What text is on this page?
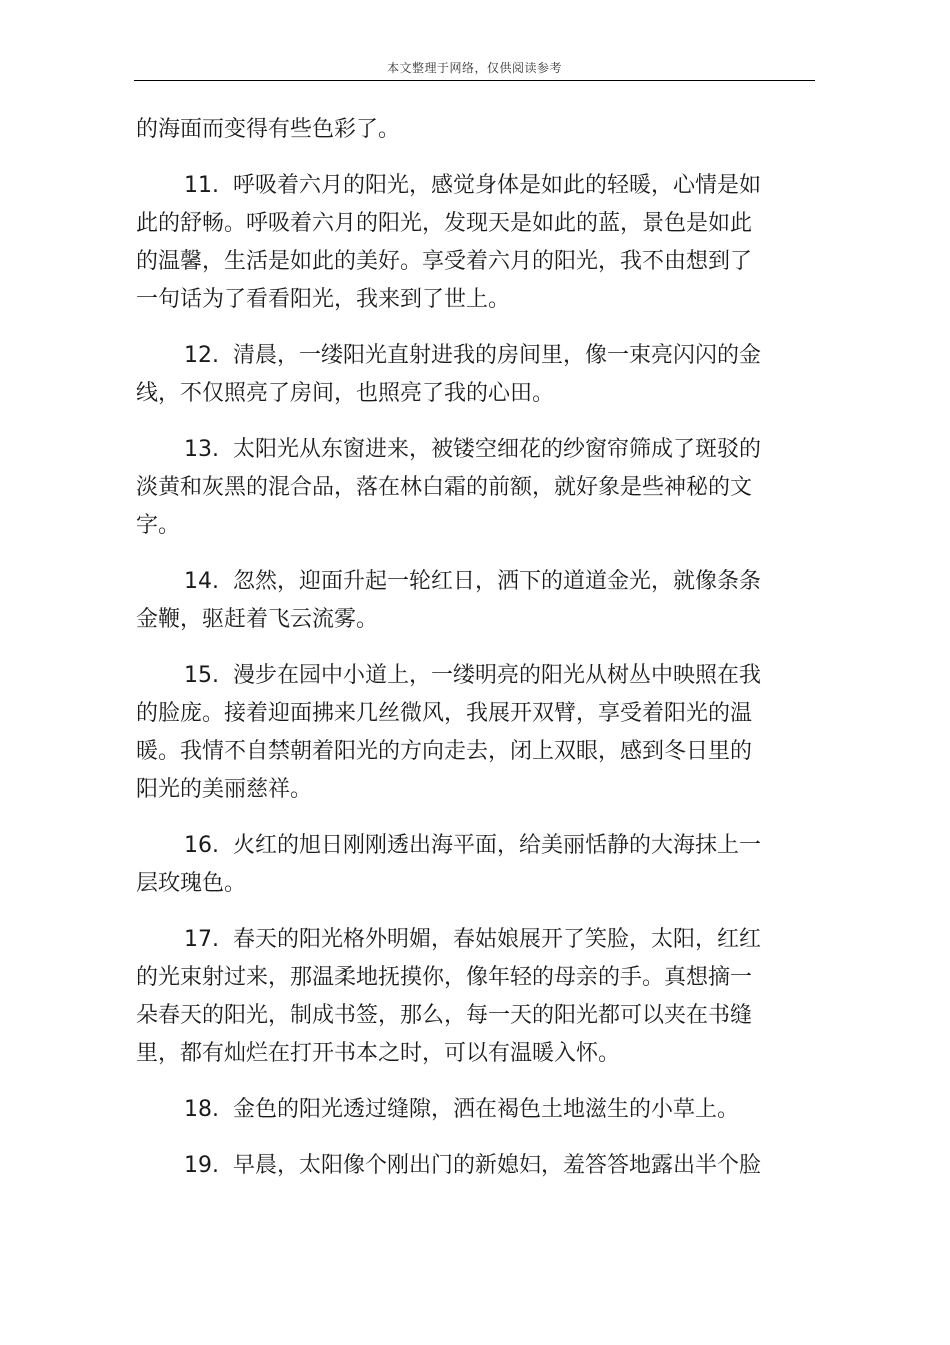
本文整理于网络，仅供阅读参考
的海面而变得有些色彩了。
11. 呼吸着六月的阳光，感觉身体是如此的轻暖，心情是如
此的舒畅。呼吸着六月的阳光，发现天是如此的蓝，景色是如此
的温馨，生活是如此的美好。享受着六月的阳光，我不由想到了
一句话为了看看阳光，我来到了世上。
12. 清晨，一缕阳光直射进我的房间里，像一束亮闪闪的金
线，不仅照亮了房间，也照亮了我的心田。
13. 太阳光从东窗进来，被镂空细花的纱窗帘筛成了斑驳的
淡黄和灰黑的混合品，落在林白霜的前额，就好象是些神秘的文
字。
14. 忽然，迎面升起一轮红日，洒下的道道金光，就像条条
金鞭，驱赶着飞云流雾。
15. 漫步在园中小道上，一缕明亮的阳光从树丛中映照在我
的脸庞。接着迎面拂来几丝微风，我展开双臂，享受着阳光的温
暖。我情不自禁朝着阳光的方向走去，闭上双眼，感到冬日里的
阳光的美丽慈祥。
16. 火红的旭日刚刚透出海平面，给美丽恬静的大海抹上一
层玫瑰色。
17. 春天的阳光格外明媚，春姑娘展开了笑脸，太阳，红红
的光束射过来，那温柔地抚摸你，像年轻的母亲的手。真想摘一
朵春天的阳光，制成书签，那么，每一天的阳光都可以夹在书缝
里，都有灿烂在打开书本之时，可以有温暖入怀。
18. 金色的阳光透过缝隙，洒在褐色土地滋生的小草上。
19. 早晨，太阳像个刚出门的新媳妇，羞答答地露出半个脸
